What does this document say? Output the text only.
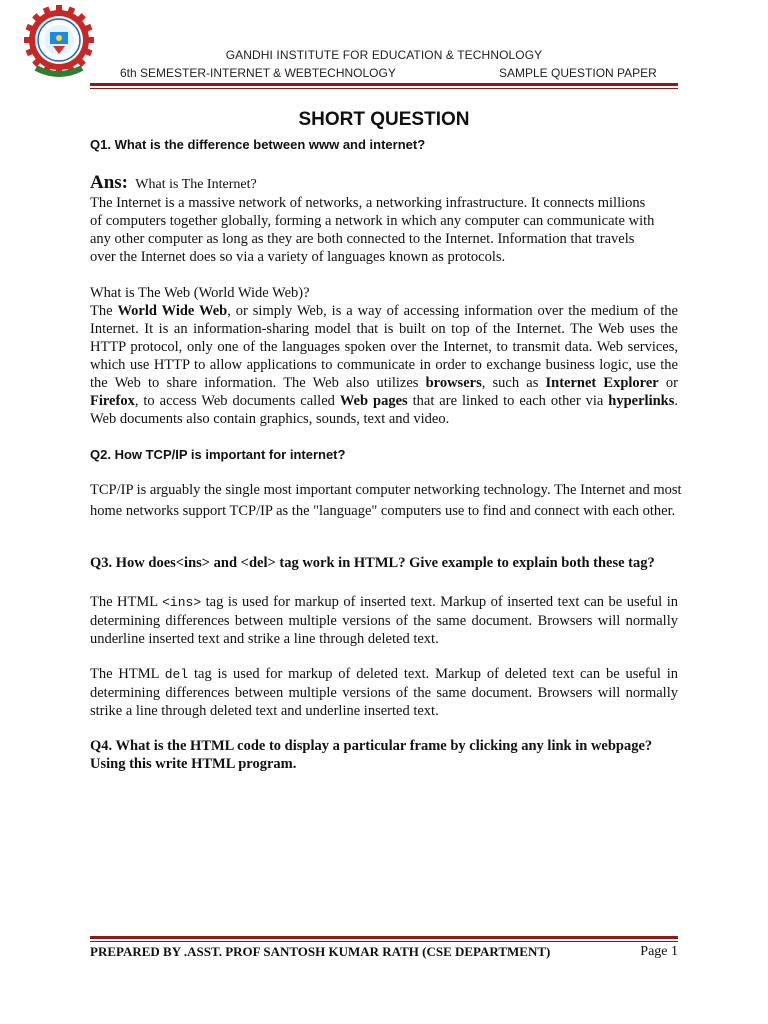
GANDHI INSTITUTE FOR EDUCATION & TECHNOLOGY
6th SEMESTER-INTERNET & WEBTECHNOLOGY	SAMPLE QUESTION PAPER
SHORT QUESTION
Q1. What is the difference between www and internet?
Ans: What is The Internet?
The Internet is a massive network of networks, a networking infrastructure. It connects millions
of computers together globally, forming a network in which any computer can communicate with
any other computer as long as they are both connected to the Internet. Information that travels
over the Internet does so via a variety of languages known as protocols.
What is The Web (World Wide Web)?
The World Wide Web, or simply Web, is a way of accessing information over the medium of the Internet. It is an information-sharing model that is built on top of the Internet. The Web uses the HTTP protocol, only one of the languages spoken over the Internet, to transmit data. Web services, which use HTTP to allow applications to communicate in order to exchange business logic, use the the Web to share information. The Web also utilizes browsers, such as Internet Explorer or Firefox, to access Web documents called Web pages that are linked to each other via hyperlinks. Web documents also contain graphics, sounds, text and video.
Q2. How TCP/IP is important for internet?
TCP/IP is arguably the single most important computer networking technology. The Internet and most home networks support TCP/IP as the "language" computers use to find and connect with each other.
Q3. How does<ins> and <del> tag work in HTML? Give example to explain both these tag?
The HTML <ins> tag is used for markup of inserted text. Markup of inserted text can be useful in determining differences between multiple versions of the same document. Browsers will normally underline inserted text and strike a line through deleted text.
The HTML del tag is used for markup of deleted text. Markup of deleted text can be useful in determining differences between multiple versions of the same document. Browsers will normally strike a line through deleted text and underline inserted text.
Q4. What is the HTML code to display a particular frame by clicking any link in webpage? Using this write HTML program.
PREPARED BY .ASST. PROF SANTOSH KUMAR RATH (CSE DEPARTMENT)	Page 1
